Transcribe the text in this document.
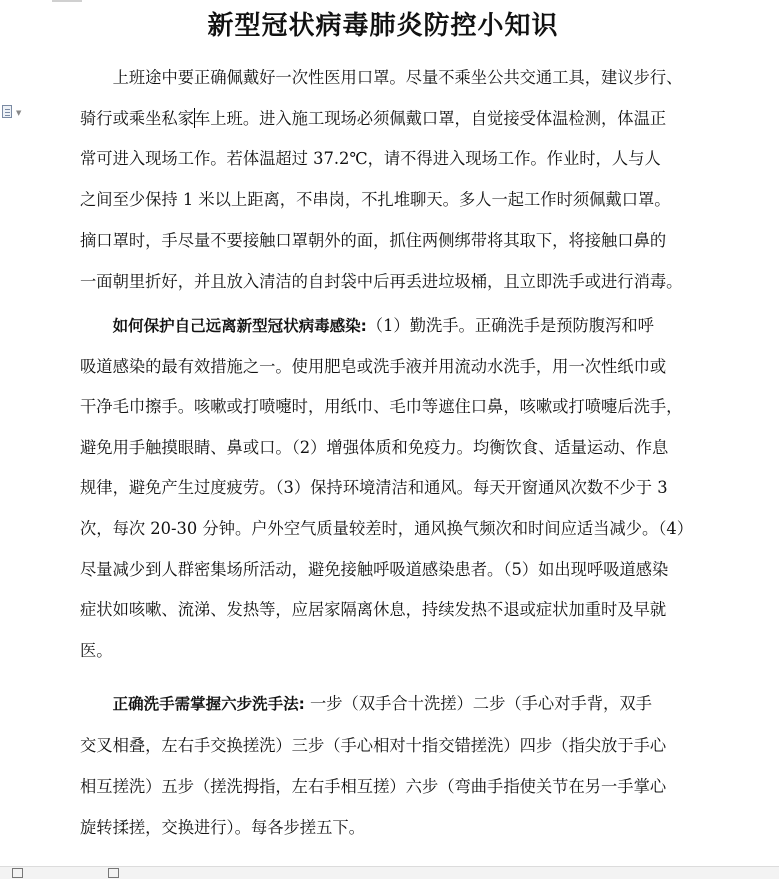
▼
新型冠状病毒肺炎防控小知识

上班途中要正确佩戴好一次性医用口罩。尽量不乘坐公共交通工具，建议步行、

骑行或乘坐私家车上班。进入施工现场必须佩戴口罩，自觉接受体温检测，体温正

常可进入现场工作。若体温超过 37.2℃，请不得进入现场工作。作业时，人与人

之间至少保持 1 米以上距离，不串岗，不扎堆聊天。多人一起工作时须佩戴口罩。

摘口罩时，手尽量不要接触口罩朝外的面，抓住两侧绑带将其取下，将接触口鼻的

一面朝里折好，并且放入清洁的自封袋中后再丢进垃圾桶，且立即洗手或进行消毒。

如何保护自己远离新型冠状病毒感染:（1）勤洗手。正确洗手是预防腹泻和呼

吸道感染的最有效措施之一。使用肥皂或洗手液并用流动水洗手，用一次性纸巾或

干净毛巾擦手。咳嗽或打喷嚏时，用纸巾、毛巾等遮住口鼻，咳嗽或打喷嚏后洗手，

避免用手触摸眼睛、鼻或口。（2）增强体质和免疫力。均衡饮食、适量运动、作息

规律，避免产生过度疲劳。（3）保持环境清洁和通风。每天开窗通风次数不少于 3

次，每次 20-30 分钟。户外空气质量较差时，通风换气频次和时间应适当减少。（4）

尽量减少到人群密集场所活动，避免接触呼吸道感染患者。（5）如出现呼吸道感染

症状如咳嗽、流涕、发热等，应居家隔离休息，持续发热不退或症状加重时及早就

医。

正确洗手需掌握六步洗手法: 一步（双手合十洗搓）二步（手心对手背，双手

交叉相叠，左右手交换搓洗）三步（手心相对十指交错搓洗）四步（指尖放于手心

相互搓洗）五步（搓洗拇指，左右手相互搓）六步（弯曲手指使关节在另一手掌心

旋转揉搓，交换进行）。每各步搓五下。
